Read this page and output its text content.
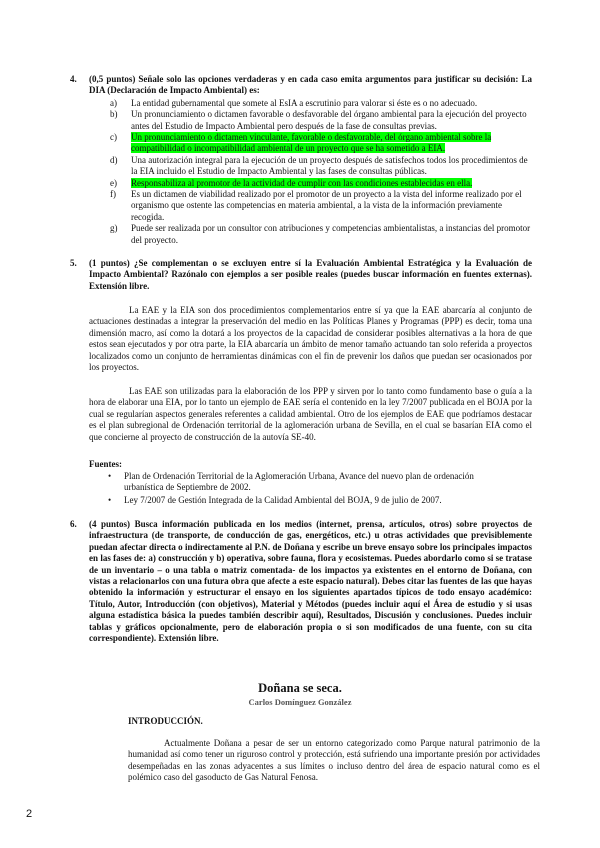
4. (0,5 puntos) Señale solo las opciones verdaderas y en cada caso emita argumentos para justificar su decisión: La DIA (Declaración de Impacto Ambiental) es:
a) La entidad gubernamental que somete al EsIA a escrutinio para valorar si éste es o no adecuado.
b) Un pronunciamiento o dictamen favorable o desfavorable del órgano ambiental para la ejecución del proyecto antes del Estudio de Impacto Ambiental pero después de la fase de consultas previas.
c) Un pronunciamiento o dictamen vinculante, favorable o desfavorable, del órgano ambiental sobre la compatibilidad o incompatibilidad ambiental de un proyecto que se ha sometido a EIA.
d) Una autorización integral para la ejecución de un proyecto después de satisfechos todos los procedimientos de la EIA incluido el Estudio de Impacto Ambiental y las fases de consultas públicas.
e) Responsabiliza al promotor de la actividad de cumplir con las condiciones establecidas en ella.
f) Es un dictamen de viabilidad realizado por el promotor de un proyecto a la vista del informe realizado por el organismo que ostente las competencias en materia ambiental, a la vista de la información previamente recogida.
g) Puede ser realizada por un consultor con atribuciones y competencias ambientalistas, a instancias del promotor del proyecto.
5. (1 puntos) ¿Se complementan o se excluyen entre sí la Evaluación Ambiental Estratégica y la Evaluación de Impacto Ambiental? Razónalo con ejemplos a ser posible reales (puedes buscar información en fuentes externas). Extensión libre.
La EAE y la EIA son dos procedimientos complementarios entre sí ya que la EAE abarcaría al conjunto de actuaciones destinadas a integrar la preservación del medio en las Políticas Planes y Programas (PPP) es decir, toma una dimensión macro, así como la dotará a los proyectos de la capacidad de considerar posibles alternativas a la hora de que estos sean ejecutados y por otra parte, la EIA abarcaría un ámbito de menor tamaño actuando tan solo referida a proyectos localizados como un conjunto de herramientas dinámicas con el fin de prevenir los daños que puedan ser ocasionados por los proyectos.
Las EAE son utilizadas para la elaboración de los PPP y sirven por lo tanto como fundamento base o guía a la hora de elaborar una EIA, por lo tanto un ejemplo de EAE sería el contenido en la ley 7/2007 publicada en el BOJA por la cual se regularían aspectos generales referentes a calidad ambiental. Otro de los ejemplos de EAE que podríamos destacar es el plan subregional de Ordenación territorial de la aglomeración urbana de Sevilla, en el cual se basarían EIA como el que concierne al proyecto de construcción de la autovía SE-40.
Fuentes:
• Plan de Ordenación Territorial de la Aglomeración Urbana, Avance del nuevo plan de ordenación urbanística de Septiembre de 2002.
• Ley 7/2007 de Gestión Integrada de la Calidad Ambiental del BOJA, 9 de julio de 2007.
6. (4 puntos) Busca información publicada en los medios (internet, prensa, artículos, otros) sobre proyectos de infraestructura (de transporte, de conducción de gas, energéticos, etc.) u otras actividades que previsiblemente puedan afectar directa o indirectamente al P.N. de Doñana y escribe un breve ensayo sobre los principales impactos en las fases de: a) construcción y b) operativa, sobre fauna, flora y ecosistemas. Puedes abordarlo como si se tratase de un inventario – o una tabla o matriz comentada- de los impactos ya existentes en el entorno de Doñana, con vistas a relacionarlos con una futura obra que afecte a este espacio natural). Debes citar las fuentes de las que hayas obtenido la información y estructurar el ensayo en los siguientes apartados típicos de todo ensayo académico: Título, Autor, Introducción (con objetivos), Material y Métodos (puedes incluir aquí el Área de estudio y si usas alguna estadística básica la puedes también describir aquí), Resultados, Discusión y conclusiones. Puedes incluir tablas y gráficos opcionalmente, pero de elaboración propia o si son modificados de una fuente, con su cita correspondiente). Extensión libre.
Doñana se seca.
Carlos Domínguez González
INTRODUCCIÓN.
Actualmente Doñana a pesar de ser un entorno categorizado como Parque natural patrimonio de la humanidad así como tener un riguroso control y protección, está sufriendo una importante presión por actividades desempeñadas en las zonas adyacentes a sus límites o incluso dentro del área de espacio natural como es el polémico caso del gasoducto de Gas Natural Fenosa.
2
